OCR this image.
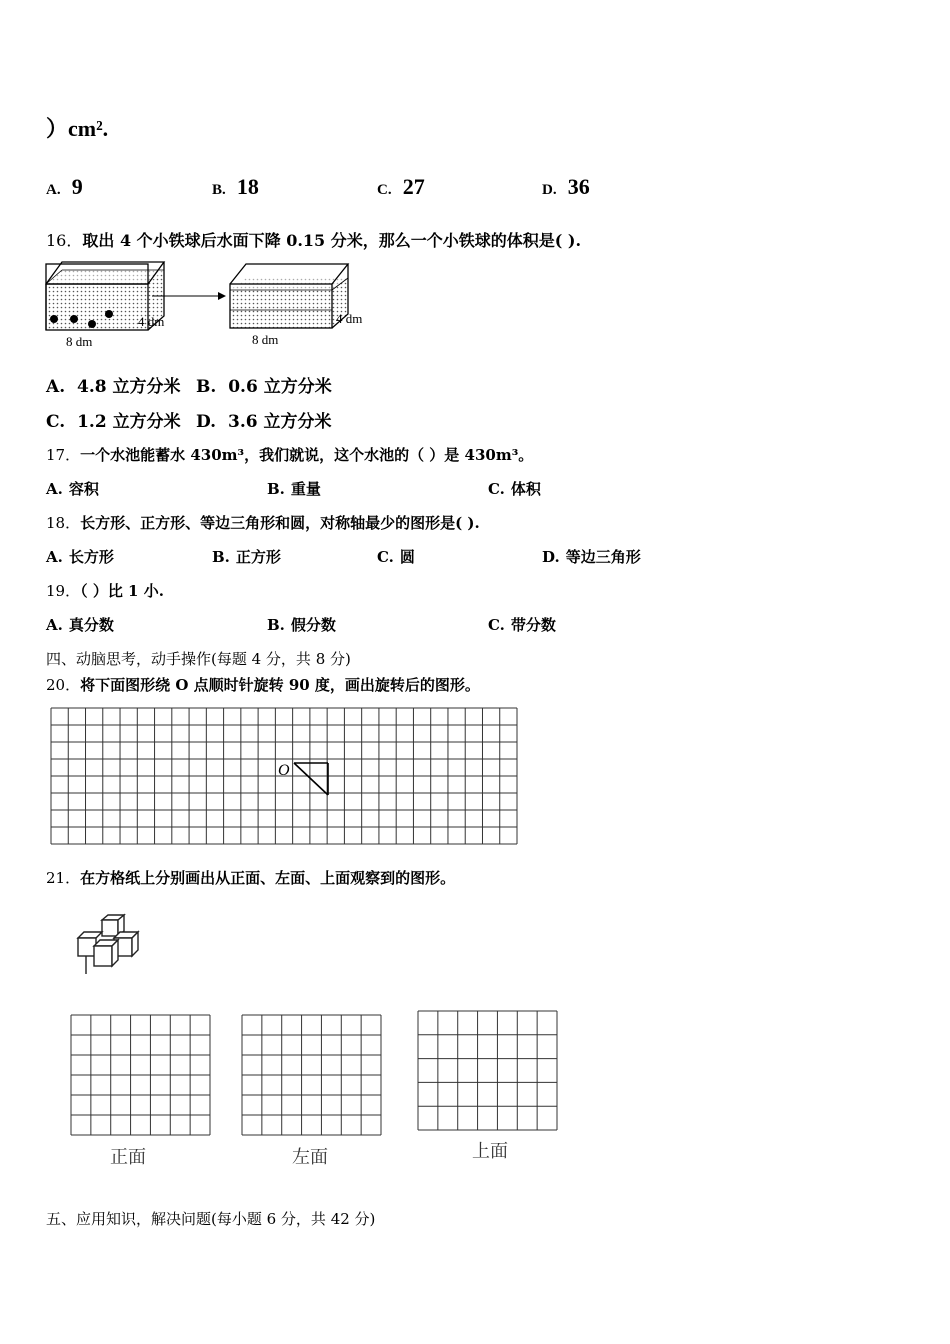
）cm².
A. 9	B. 18	C. 27	D. 36
16．取出 4 个小铁球后水面下降 0.15 分米，那么一个小铁球的体积是( ).
4 dm
8 dm
4 dm
8 dm
A. 4.8 立方分米 B. 0.6 立方分米
C. 1.2 立方分米 D. 3.6 立方分米
17．一个水池能蓄水 430m³，我们就说，这个水池的（ ）是 430m³。
A. 容积	B. 重量	C. 体积
18．长方形、正方形、等边三角形和圆，对称轴最少的图形是( ).
A. 长方形	B. 正方形	C. 圆	D. 等边三角形
19．（ ）比 1 小.
A. 真分数	B. 假分数	C. 带分数
四、动脑思考，动手操作(每题 4 分，共 8 分)
20．将下面图形绕 O 点顺时针旋转 90 度，画出旋转后的图形。
O
21．在方格纸上分别画出从正面、左面、上面观察到的图形。
正面	左面	上面
五、应用知识，解决问题(每小题 6 分，共 42 分)
